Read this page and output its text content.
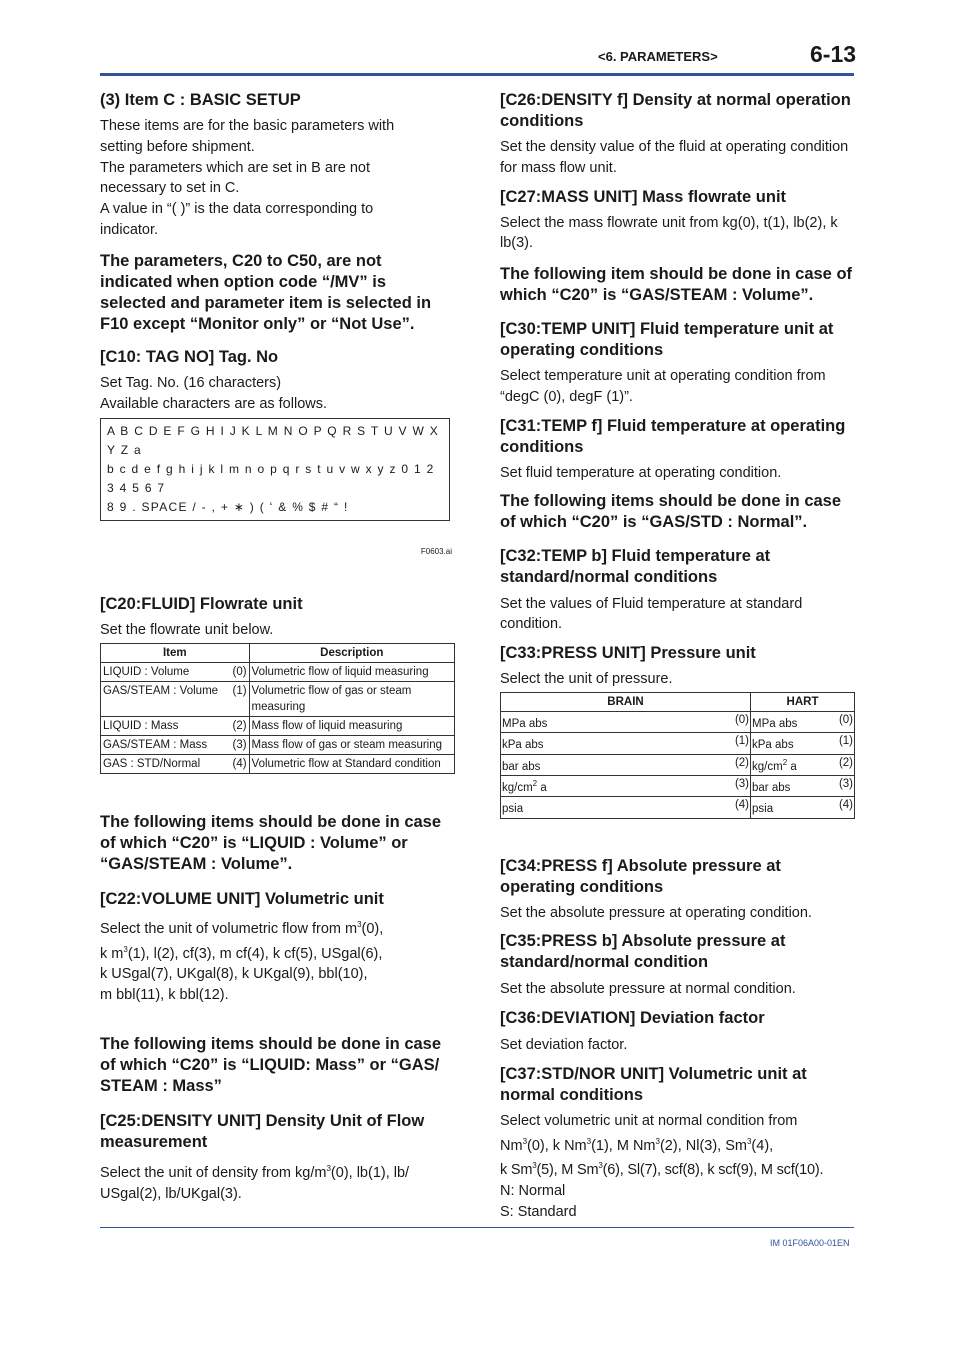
<6. PARAMETERS>	6-13
(3) Item C : BASIC SETUP

These items are for the basic parameters with

setting before shipment.

The parameters which are set in B are not

necessary to set in C.

A value in “( )” is the data corresponding to

indicator.

The parameters, C20 to C50, are not indicated when option code “/MV” is selected and parameter item is selected in F10 except “Monitor only” or “Not Use”.

[C10: TAG NO] Tag. No

Set Tag. No. (16 characters)

Available characters are as follows.

A B C D E F G H I J K L M N O P Q R S T U V W X Y Z a
b c d e f g h i j k l m n o p q r s t u v w x y z 0 1 2 3 4 5 6 7
8 9 . SPACE / - , + ∗ ) ( ʻ & % $ # “ !
F0603.ai
[C20:FLUID] Flowrate unit

Set the flowrate unit below.

Item		Description
LIQUID : Volume	(0)	Volumetric flow of liquid measuring
GAS/STEAM : Volume	(1)	Volumetric flow of gas or steam measuring
LIQUID : Mass	(2)	Mass flow of liquid measuring
GAS/STEAM : Mass	(3)	Mass flow of gas or steam measuring
GAS : STD/Normal	(4)	Volumetric flow at Standard condition

The following items should be done in case of which “C20” is “LIQUID : Volume” or “GAS/STEAM : Volume”.

[C22:VOLUME UNIT] Volumetric unit

Select the unit of volumetric flow from $m^3(0)$,

k $m^3(1)$, l(2), cf(3), m cf(4), k cf(5), USgal(6),

k USgal(7), UKgal(8), k UKgal(9), bbl(10),

m bbl(11), k bbl(12).

The following items should be done in case of which “C20” is “LIQUID: Mass” or “GAS/ STEAM : Mass”

[C25:DENSITY UNIT] Density Unit of Flow measurement

Select the unit of density from $kg/m^3(0)$, lb(1), lb/

USgal(2), lb/UKgal(3).

[C26:DENSITY f] Density at normal operation conditions

Set the density value of the fluid at operating condition for mass flow unit.

[C27:MASS UNIT] Mass flowrate unit

Select the mass flowrate unit from kg(0), t(1), lb(2), k lb(3).

The following item should be done in case of which “C20” is “GAS/STEAM : Volume”.

[C30:TEMP UNIT] Fluid temperature unit at operating conditions

Select temperature unit at operating condition from “degC (0), degF (1)”.

[C31:TEMP f] Fluid temperature at operating conditions

Set fluid temperature at operating condition.

The following items should be done in case of which “C20” is “GAS/STD : Normal”.

[C32:TEMP b] Fluid temperature at standard/normal conditions

Set the values of Fluid temperature at standard condition.

[C33:PRESS UNIT] Pressure unit

Select the unit of pressure.

BRAIN		HART	
MPa abs	(0)	MPa abs	(0)
kPa abs	(1)	kPa abs	(1)
bar abs	(2)	$kg/cm^2$ a	(2)
$kg/cm^2$ a	(3)	bar abs	(3)
psia	(4)	psia	(4)
[C34:PRESS f] Absolute pressure at operating conditions

Set the absolute pressure at operating condition.

[C35:PRESS b] Absolute pressure at standard/normal condition

Set the absolute pressure at normal condition.

[C36:DEVIATION] Deviation factor

Set deviation factor.

[C37:STD/NOR UNIT] Volumetric unit at normal conditions

Select volumetric unit at normal condition from

Nm$^3$(0), k Nm$^3$(1), M Nm$^3$(2), Nl(3), Sm$^3$(4),

k Sm$^3$(5), M Sm$^3$(6), Sl(7), scf(8), k scf(9), M scf(10).

N: Normal

S: Standard

IM 01F06A00-01EN
